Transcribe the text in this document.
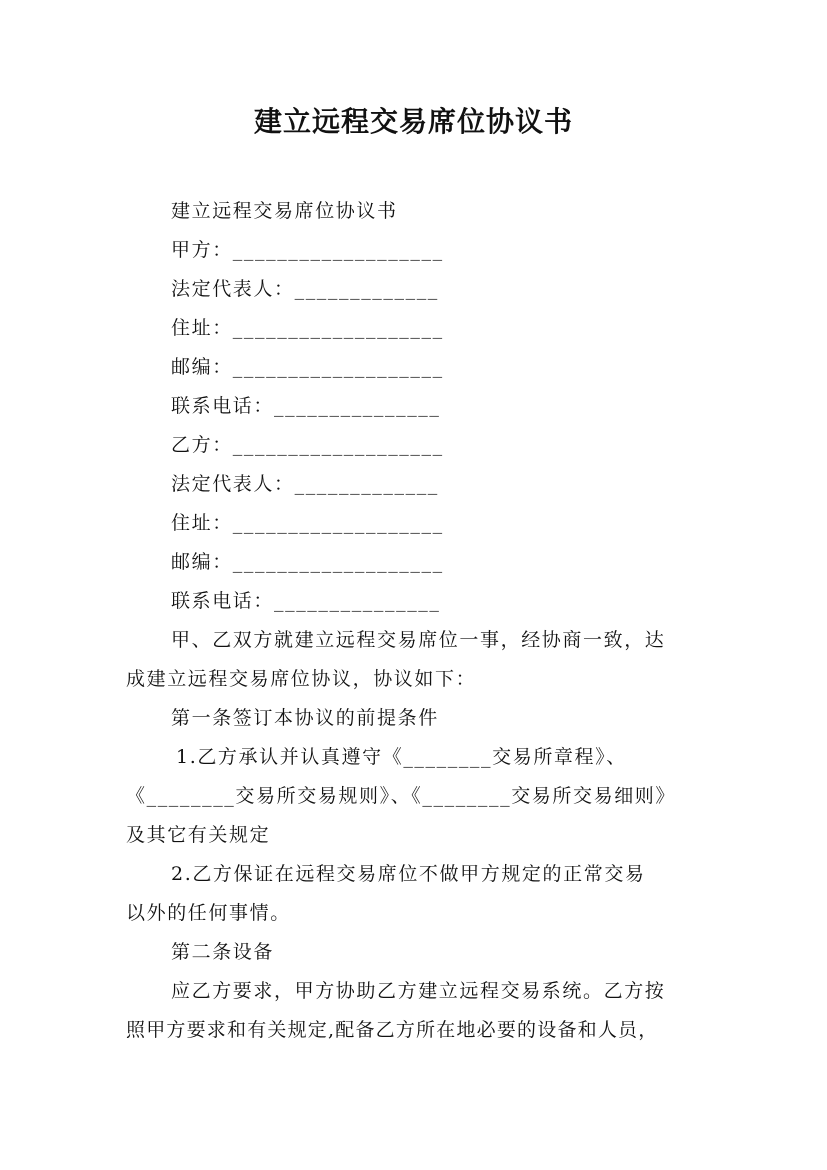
建立远程交易席位协议书
建立远程交易席位协议书
甲方：___________________
法定代表人：_____________
住址：___________________
邮编：___________________
联系电话：_______________
乙方：___________________
法定代表人：_____________
住址：___________________
邮编：___________________
联系电话：_______________
甲、乙双方就建立远程交易席位一事，经协商一致，达
成建立远程交易席位协议，协议如下：
第一条签订本协议的前提条件
1.乙方承认并认真遵守《________交易所章程》、
《________交易所交易规则》、《________交易所交易细则》
及其它有关规定
2.乙方保证在远程交易席位不做甲方规定的正常交易
以外的任何事情。
第二条设备
应乙方要求，甲方协助乙方建立远程交易系统。乙方按
照甲方要求和有关规定,配备乙方所在地必要的设备和人员，
